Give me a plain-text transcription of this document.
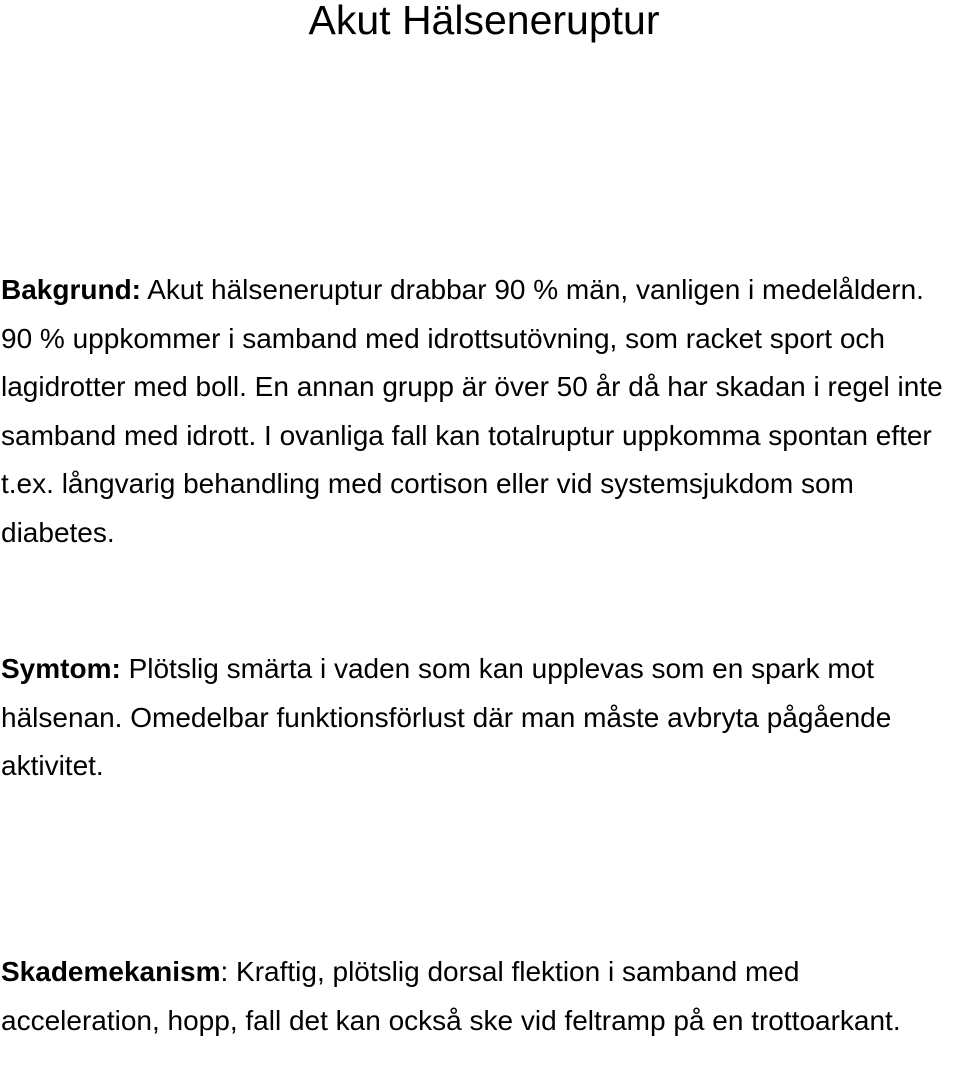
Akut Hälseneruptur

Bakgrund: Akut hälseneruptur drabbar 90 % män, vanligen i medelåldern. 90 % uppkommer i samband med idrottsutövning, som racket sport och lagidrotter med boll. En annan grupp är över 50 år då har skadan i regel inte samband med idrott. I ovanliga fall kan totalruptur uppkomma spontan efter t.ex. långvarig behandling med cortison eller vid systemsjukdom som diabetes.

Symtom: Plötslig smärta i vaden som kan upplevas som en spark mot hälsenan. Omedelbar funktionsförlust där man måste avbryta pågående aktivitet.

Skademekanism: Kraftig, plötslig dorsal flektion i samband med acceleration, hopp, fall det kan också ske vid feltramp på en trottoarkant.
